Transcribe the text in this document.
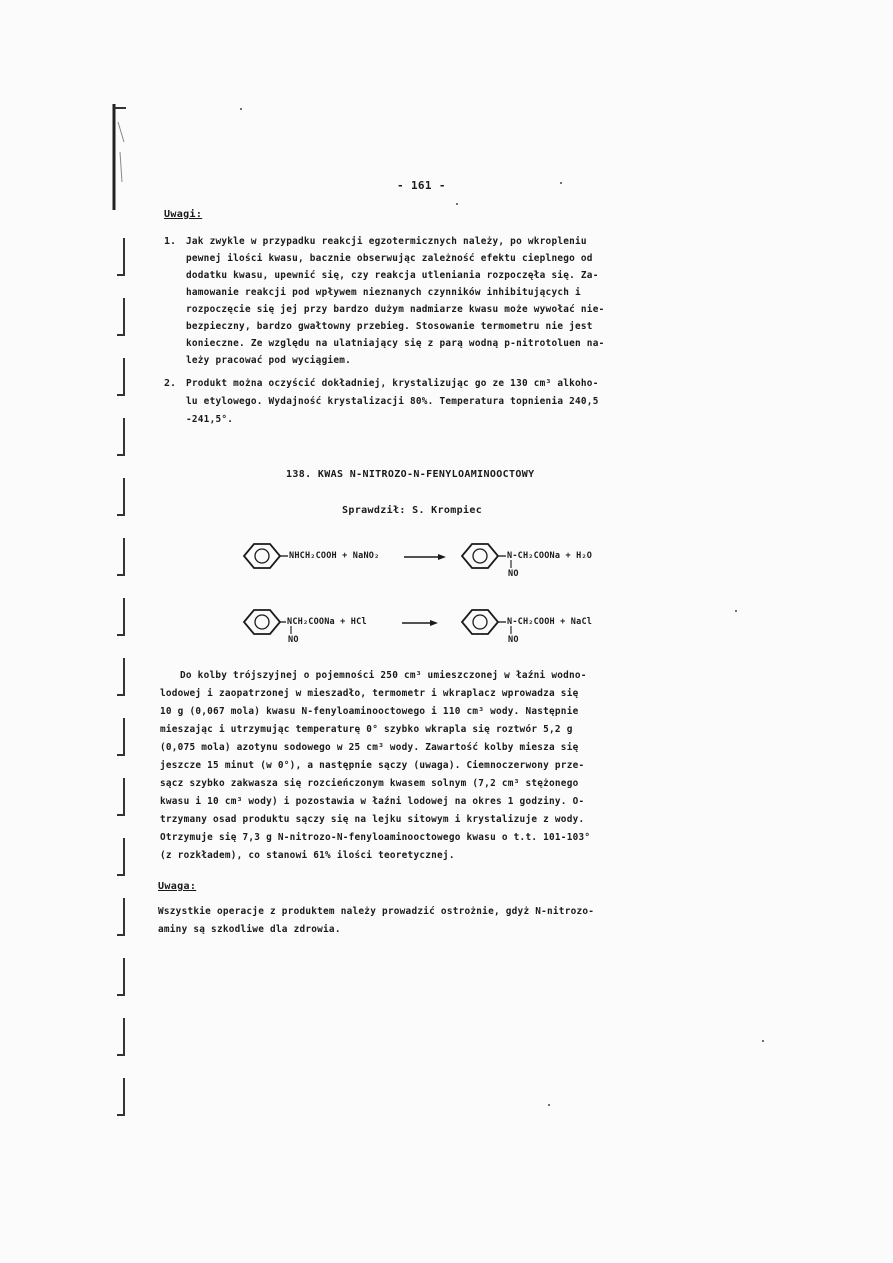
- 161 -
Uwagi:
1. Jak zwykle w przypadku reakcji egzotermicznych należy, po wkropleniu
pewnej ilości kwasu, bacznie obserwując zależność efektu cieplnego od
dodatku kwasu, upewnić się, czy reakcja utleniania rozpoczęła się. Za-
hamowanie reakcji pod wpływem nieznanych czynników inhibitujących i
rozpoczęcie się jej przy bardzo dużym nadmiarze kwasu może wywołać nie-
bezpieczny, bardzo gwałtowny przebieg. Stosowanie termometru nie jest
konieczne. Ze względu na ulatniający się z parą wodną p-nitrotoluen na-
leży pracować pod wyciągiem.
2. Produkt można oczyścić dokładniej, krystalizując go ze 130 cm³ alkoho-
lu etylowego. Wydajność krystalizacji 80%. Temperatura topnienia 240,5
-241,5°.
138. KWAS N-NITROZO-N-FENYLOAMINOOCTOWY
Sprawdził: S. Krompiec
NHCH₂COOH + NaNO₂	N-CH₂COONa + H₂O
NO
NCH₂COONa + HCl
NO
N-CH₂COOH + NaCl
NO
Do kolby trójszyjnej o pojemności 250 cm³ umieszczonej w łaźni wodno-
lodowej i zaopatrzonej w mieszadło, termometr i wkraplacz wprowadza się
10 g (0,067 mola) kwasu N-fenyloaminooctowego i 110 cm³ wody. Następnie
mieszając i utrzymując temperaturę 0° szybko wkrapla się roztwór 5,2 g
(0,075 mola) azotynu sodowego w 25 cm³ wody. Zawartość kolby miesza się
jeszcze 15 minut (w 0°), a następnie sączy (uwaga). Ciemnoczerwony prze-
sącz szybko zakwasza się rozcieńczonym kwasem solnym (7,2 cm³ stężonego
kwasu i 10 cm³ wody) i pozostawia w łaźni lodowej na okres 1 godziny. O-
trzymany osad produktu sączy się na lejku sitowym i krystalizuje z wody.
Otrzymuje się 7,3 g N-nitrozo-N-fenyloaminooctowego kwasu o t.t. 101-103°
(z rozkładem), co stanowi 61% ilości teoretycznej.
Uwaga:
Wszystkie operacje z produktem należy prowadzić ostrożnie, gdyż N-nitrozo-
aminy są szkodliwe dla zdrowia.
